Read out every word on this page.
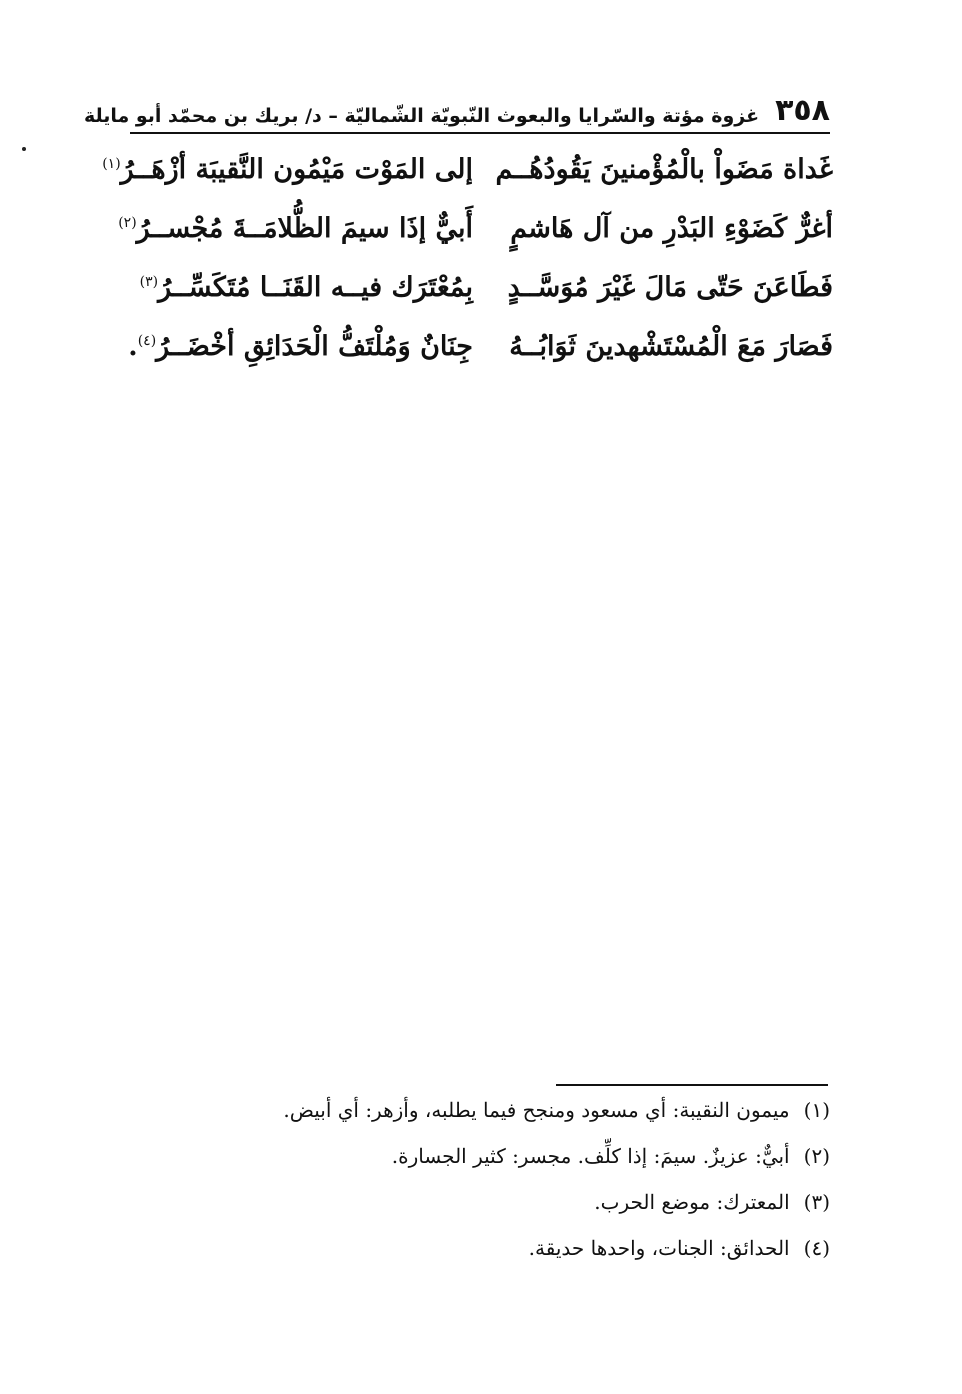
٣٥٨
غزوة مؤتة والسّرايا والبعوث النّبويّة الشّماليّة – د/ بريك بن محمّد أبو مايلة
غَداة مَضَواْ بالْمُؤْمنينَ يَقُودُهُــم
إلى المَوْت مَيْمُون النَّقيبَة أزْهَــرُ$^{(١)}$
أغرٌّ كَضَوْءِ البَدْرِ من آل هَاشمٍ
أَبيٌّ إذَا سيمَ الظُّلامَــةَ مُجْســرُ$^{(٢)}$
فَطَاعَنَ حَتّى مَالَ غَيْرَ مُوَسَّــدٍ
بِمُعْتَرَك فيــه القَنَــا مُتَكَسِّــرُ$^{(٣)}$
فَصَارَ مَعَ الْمُسْتَشْهدينَ ثَوَابُــهُ
جِنَانٌ وَمُلْتَفُّ الْحَدَائِقِ أخْضَــرُ$^{(٤)}$.
(١)
ميمون النقيبة: أي مسعود ومنجح فيما يطلبه، وأزهر: أي أبيض.
(٢)
أبيٌّ: عزيزٌ. سيمَ: إذا كلِّف. مجسر: كثير الجسارة.
(٣)
المعترك: موضع الحرب.
(٤)
الحدائق: الجنات، واحدها حديقة.
